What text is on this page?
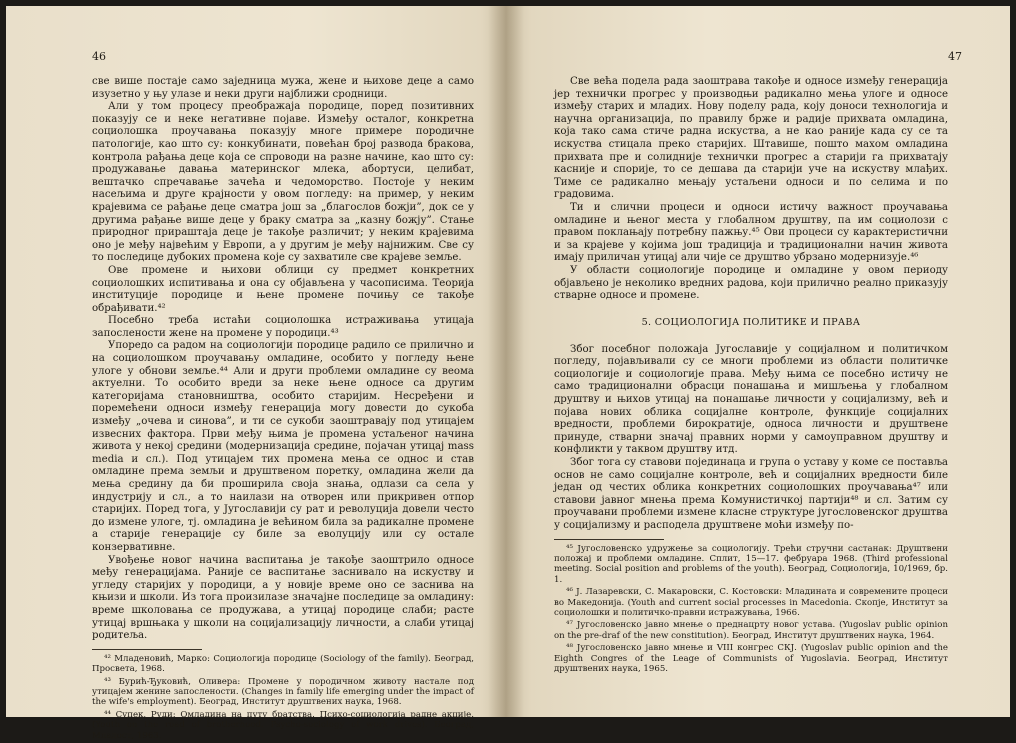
46

све више постаје само заједница мужа, жене и њихове деце а само изузетно у њу улазе и неки други најближи сродници.

Али у том процесу преображаја породице, поред позитивних показују се и неке негативне појаве. Између осталог, конкретна социолошка проучавања показују многе примере породичне патологије, као што су: конкубинати, повећан број развода бракова, контрола рађања деце која се спроводи на разне начине, као што су: продужавање давања материнског млека, абортуси, целибат, вештачко спречавање зачећа и чедоморство. Постоје у неким насељима и друге крајности у овом погледу: на пример, у неким крајевима се рађање деце сматра још за „благослов божји”, док се у другима рађање више деце у браку сматра за „казну божју”. Стање природног прираштаја деце је такође различит; у неким крајевима оно је међу највећим у Европи, а у другим је међу најнижим. Све су то последице дубоких промена које су захватиле све крајеве земље.

Ове промене и њихови облици су предмет конкретних социолошких испитивања и она су објављена у часописима. Теорија институције породице и њене промене почињу се такође обрађивати.⁴²

Посебно треба истаћи социолошка истраживања утицаја запослености жене на промене у породици.⁴³

Упоредо са радом на социологији породице радило се прилично и на социолошком проучавању омладине, особито у погледу њене улоге у обнови земље.⁴⁴ Али и други проблеми омладине су веома актуелни. То особито вреди за неке њене односе са другим категоријама становништва, особито старијим. Несређени и поремећени односи између генерација могу довести до сукоба између „очева и синова”, и ти се сукоби заоштравају под утицајем извесних фактора. Први међу њима је промена устаљеног начина живота у некој средини (модернизација средине, појачан утицај mass media и сл.). Под утицајем тих промена мења се однос и став омладине према земљи и друштвеном поретку, омладина жели да мења средину да би проширила своја знања, одлази са села у индустрију и сл., а то наилази на отворен или прикривен отпор старијих. Поред тога, у Југославији су рат и револуција довели често до измене улоге, тј. омладина је већином била за радикалне промене а старије генерације су биле за еволуцију или су остале конзервативне.

Увођење новог начина васпитања је такође заоштрило односе међу генерацијама. Раније се васпитање заснивало на искуству и угледу старијих у породици, а у новије време оно се заснива на књизи и школи. Из тога произилазе значајне последице за омладину: време школовања се продужава, а утицај породице слаби; расте утицај вршњака у школи на социјализацију личности, а слаби утицај родитеља.

⁴² Младеновић, Марко: Социологија породице (Sociology of the family). Београд, Просвета, 1968.

⁴³ Бурић-Ђуковић, Оливера: Промене у породичном животу настале под утицајем женине запослености. (Changes in family life emerging under the impact of the wife's employment). Београд, Институт друштвених наука, 1968.

⁴⁴ Супек, Руди: Омладина на путу братства. Психо-социологија радне акције. (Youth on the road of brotherhood. Psycho-sociology of work drives). Београд, Младост, 1963.

47

Све већа подела рада заоштрава такође и односе између генерација јер технички прогрес у производњи радикално мења улоге и односе између старих и младих. Нову поделу рада, коју доноси технологија и научна организација, по правилу брже и радије прихвата омладина, која тако сама стиче радна искуства, а не као раније када су се та искуства стицала преко старијих. Штавише, пошто махом омладина прихвата пре и солидније технички прогрес а старији га прихватају касније и спорије, то се дешава да старији уче на искуству млађих. Тиме се радикално мењају устаљени односи и по селима и по градовима.

Ти и слични процеси и односи истичу важност проучавања омладине и њеног места у глобалном друштву, па им социолози с правом поклањају потребну пажњу.⁴⁵ Ови процеси су карактеристични и за крајеве у којима још традиција и традиционални начин живота имају приличан утицај али чије се друштво убрзано модернизује.⁴⁶

У области социологије породице и омладине у овом периоду објављено је неколико вредних радова, који прилично реално приказују стварне односе и промене.

5. СОЦИОЛОГИЈА ПОЛИТИКЕ И ПРАВА

Због посебног положаја Југославије у социјалном и политичком погледу, појављивали су се многи проблеми из области политичке социологије и социологије права. Међу њима се посебно истичу не само традиционални обрасци понашања и мишљења у глобалном друштву и њихов утицај на понашање личности у социјализму, већ и појава нових облика социјалне контроле, функције социјалних вредности, проблеми бирократије, односа личности и друштвене принуде, стварни значај правних норми у самоуправном друштву и конфликти у таквом друштву итд.

Због тога су ставови појединаца и група о уставу у коме се поставља основ не само социјалне контроле, већ и социјалних вредности биле један од честих облика конкретних социолошких проучавања⁴⁷ или ставови јавног мнења према Комунистичкој партији⁴⁸ и сл. Затим су проучавани проблеми измене класне структуре југословенског друштва у социјализму и расподела друштвене моћи између по-

⁴⁵ Југословенско удружење за социологију. Трећи стручни састанак: Друштвени положај и проблеми омладине. Сплит, 15—17. фебруара 1968. (Third professional meeting. Social position and problems of the youth). Београд, Социологија, 10/1969, бр. 1.

⁴⁶ Ј. Лазаревски, С. Макаровски, С. Костовски: Младината и современите процеси во Македонија. (Youth and current social processes in Macedonia. Скопје, Институт за социолошки и политичко-правни истражувања, 1966.

⁴⁷ Југословенско јавно мнење о преднацрту новог устава. (Yugoslav public opinion on the pre-draf of the new constitution). Београд, Институт друштвених наука, 1964.

⁴⁸ Југословенско јавно мнење и VIII конгрес СКЈ. (Yugoslav public opinion and the Eighth Congres of the Leage of Communists of Yugoslavia. Београд, Институт друштвених наука, 1965.
